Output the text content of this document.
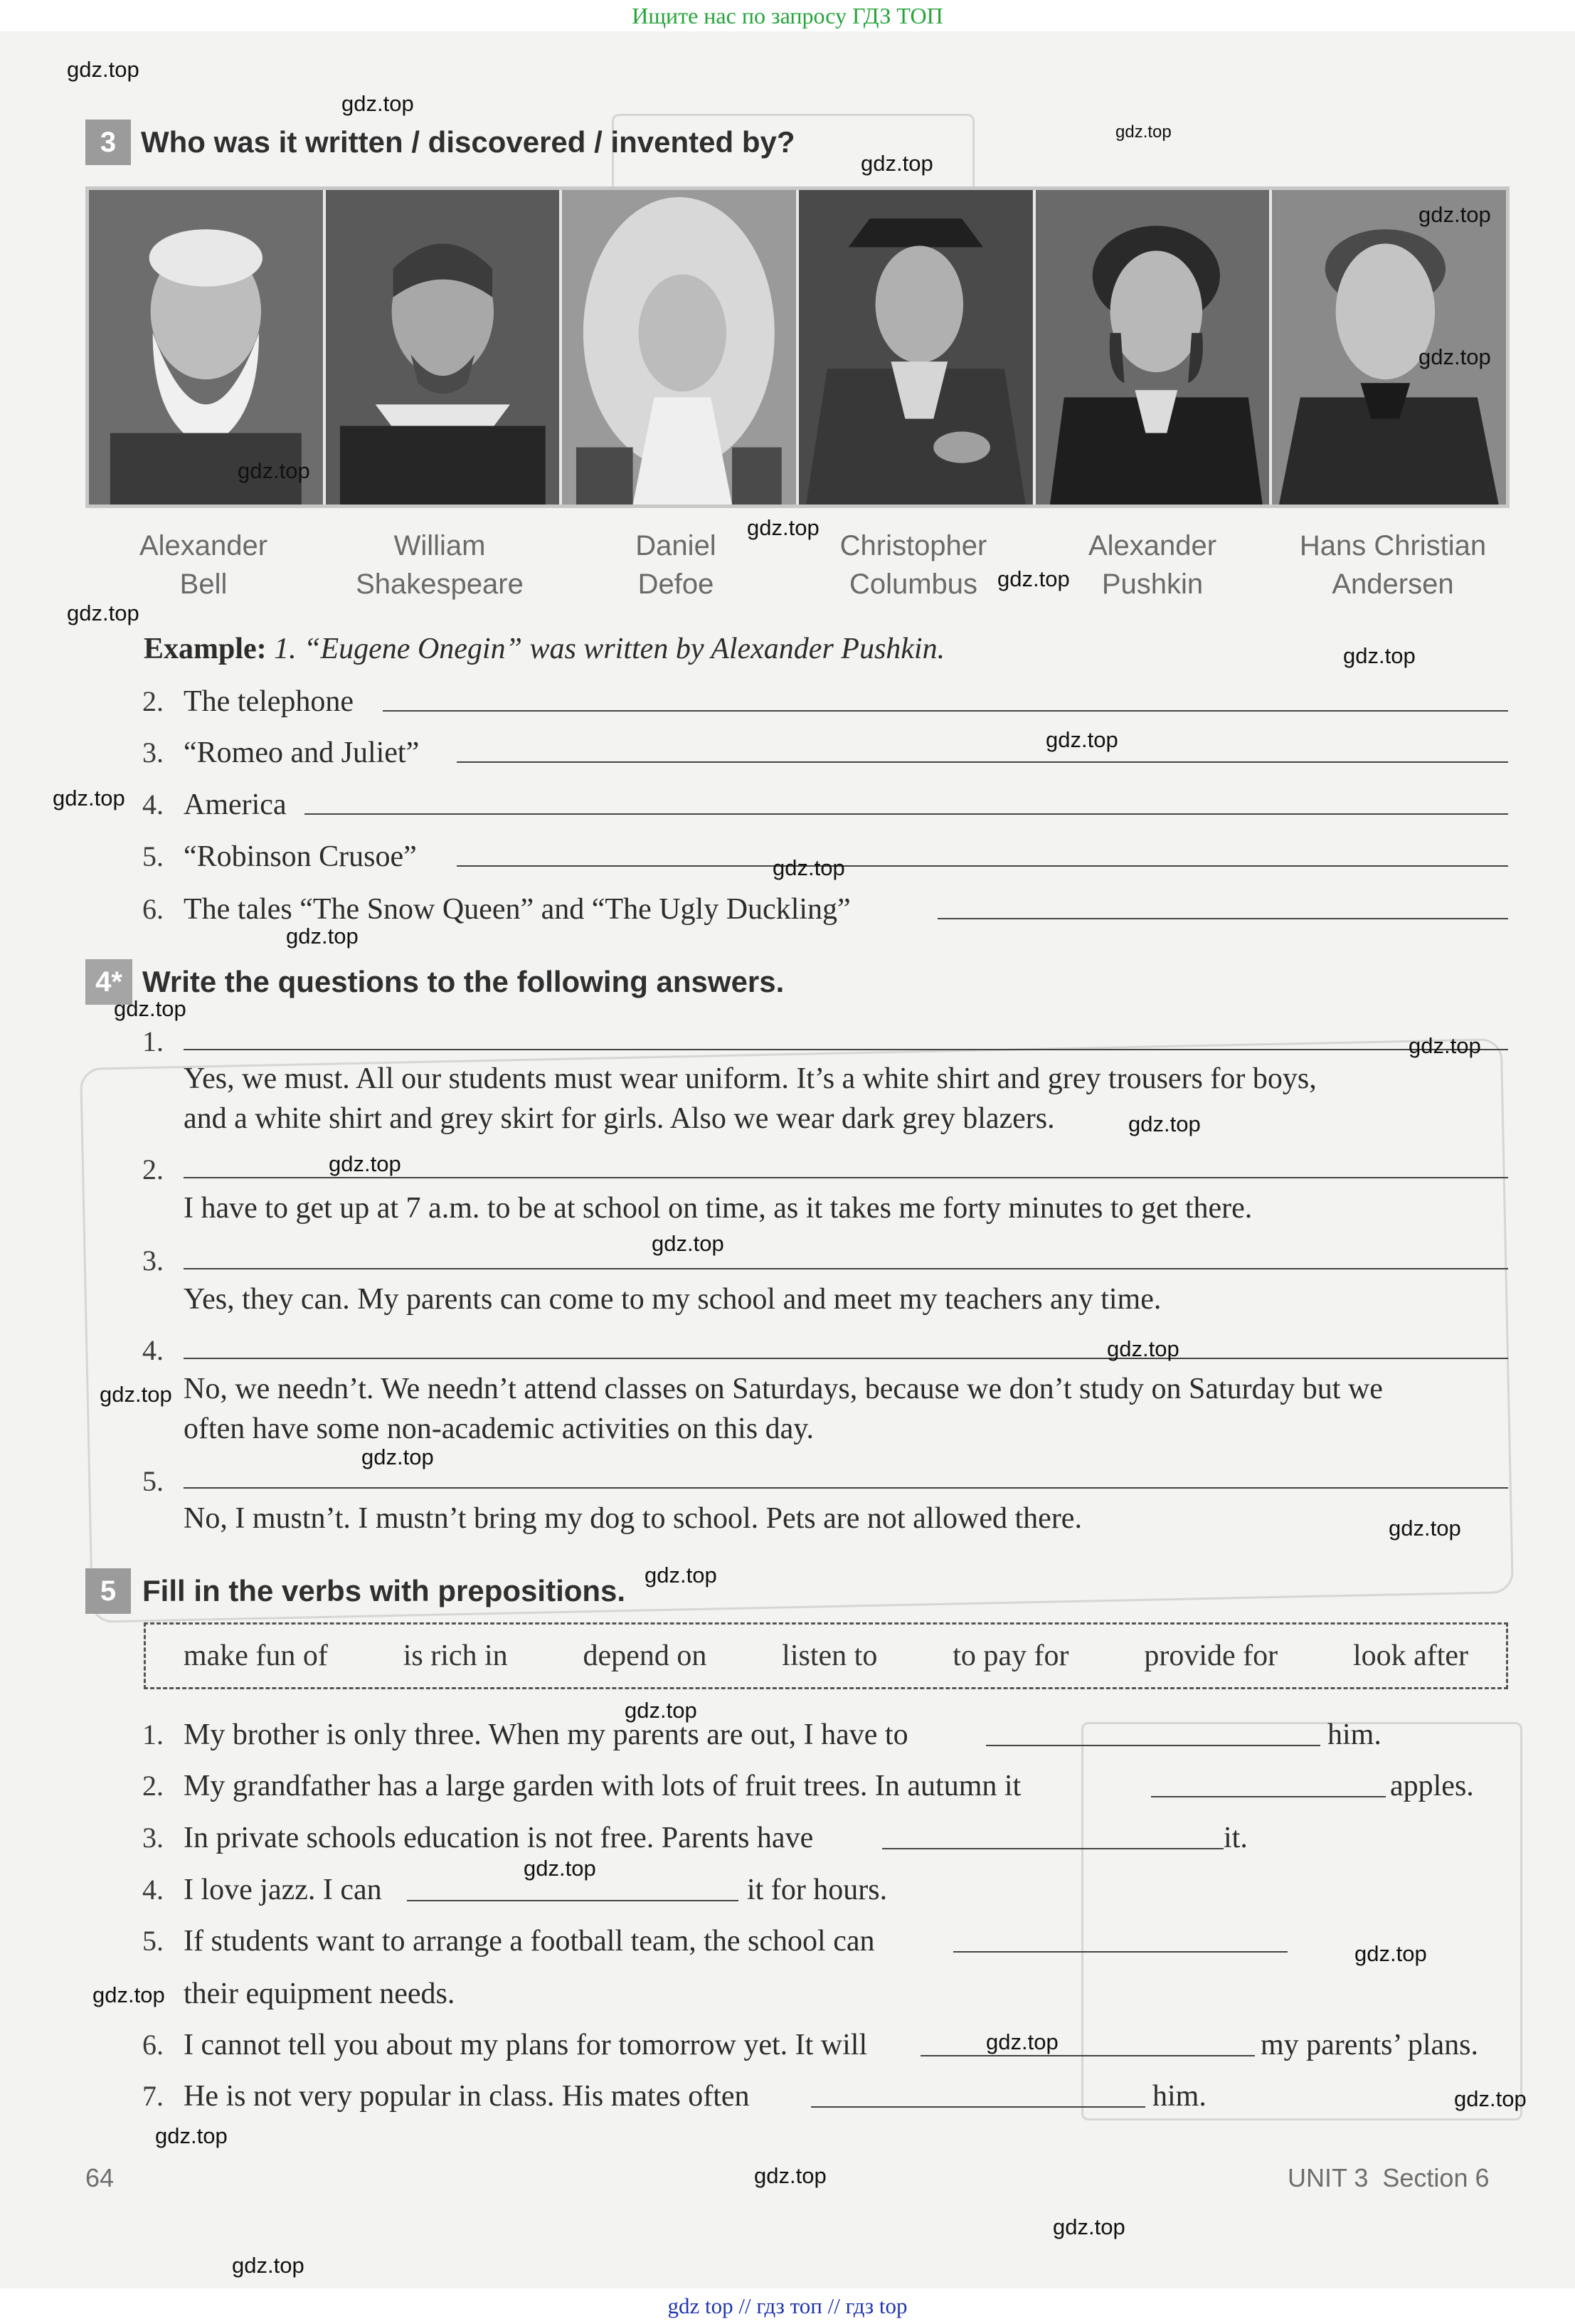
Ищите нас по запросу ГДЗ ТОП
3 Who was it written / discovered / invented by?
Alexander
Bell
William
Shakespeare
Daniel
Defoe
Christopher
Columbus
Alexander
Pushkin
Hans Christian
Andersen
Example: 1. “Eugene Onegin” was written by Alexander Pushkin.
2. The telephone
3. “Romeo and Juliet”
4. America
5. “Robinson Crusoe”
6. The tales “The Snow Queen” and “The Ugly Duckling”
4* Write the questions to the following answers.
1.
Yes, we must. All our students must wear uniform. It’s a white shirt and grey trousers for boys,
and a white shirt and grey skirt for girls. Also we wear dark grey blazers.
2.
I have to get up at 7 a.m. to be at school on time, as it takes me forty minutes to get there.
3.
Yes, they can. My parents can come to my school and meet my teachers any time.
4.
No, we needn’t. We needn’t attend classes on Saturdays, because we don’t study on Saturday but we
often have some non-academic activities on this day.
5.
No, I mustn’t. I mustn’t bring my dog to school. Pets are not allowed there.
5 Fill in the verbs with prepositions.
make fun of	is rich in	depend on	listen to	to pay for	provide for	look after
1. My brother is only three. When my parents are out, I have to	him.
2. My grandfather has a large garden with lots of fruit trees. In autumn it	apples.
3. In private schools education is not free. Parents have	it.
4. I love jazz. I can	it for hours.
5. If students want to arrange a football team, the school can
their equipment needs.
6. I cannot tell you about my plans for tomorrow yet. It will	my parents’ plans.
7. He is not very popular in class. His mates often	him.
64	UNIT 3 Section 6
gdz.top
gdz.top
gdz.top
gdz.top
gdz.top
gdz.top
gdz.top
gdz.top
gdz.top
gdz.top
gdz.top
gdz.top
gdz.top
gdz.top
gdz.top
gdz.top
gdz.top
gdz.top
gdz.top
gdz.top
gdz.top
gdz.top
gdz.top
gdz.top
gdz.top
gdz.top
gdz.top
gdz.top
gdz.top
gdz.top
gdz.top
gdz.top
gdz.top
gdz.top
gdz.top
gdz top // гдз топ // гдз top
